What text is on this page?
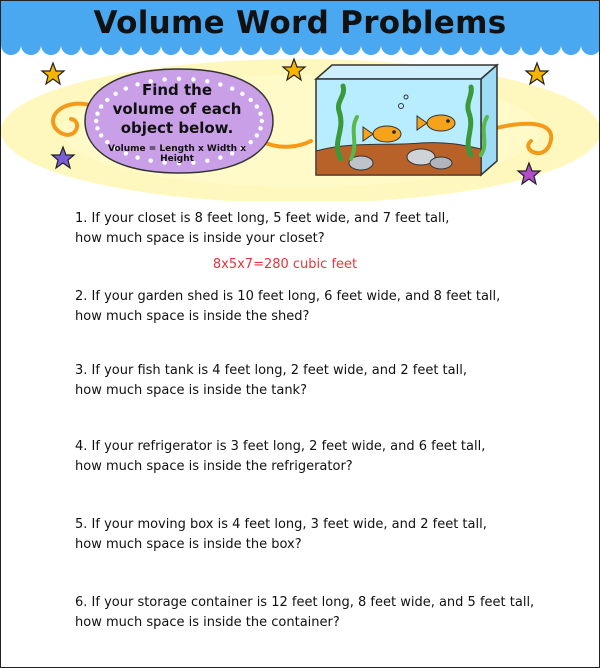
Volume Word Problems
Find the
volume of each
object below.
Volume = Length x Width x Height
1. If your closet is 8 feet long, 5 feet wide, and 7 feet tall,
how much space is inside your closet?
2. If your garden shed is 10 feet long, 6 feet wide, and 8 feet tall,
how much space is inside the shed?
3. If your fish tank is 4 feet long, 2 feet wide, and 2 feet tall,
how much space is inside the tank?
4. If your refrigerator is 3 feet long, 2 feet wide, and 6 feet tall,
how much space is inside the refrigerator?
5. If your moving box is 4 feet long, 3 feet wide, and 2 feet tall,
how much space is inside the box?
6. If your storage container is 12 feet long, 8 feet wide, and 5 feet tall,
how much space is inside the container?
8x5x7=280 cubic feet
